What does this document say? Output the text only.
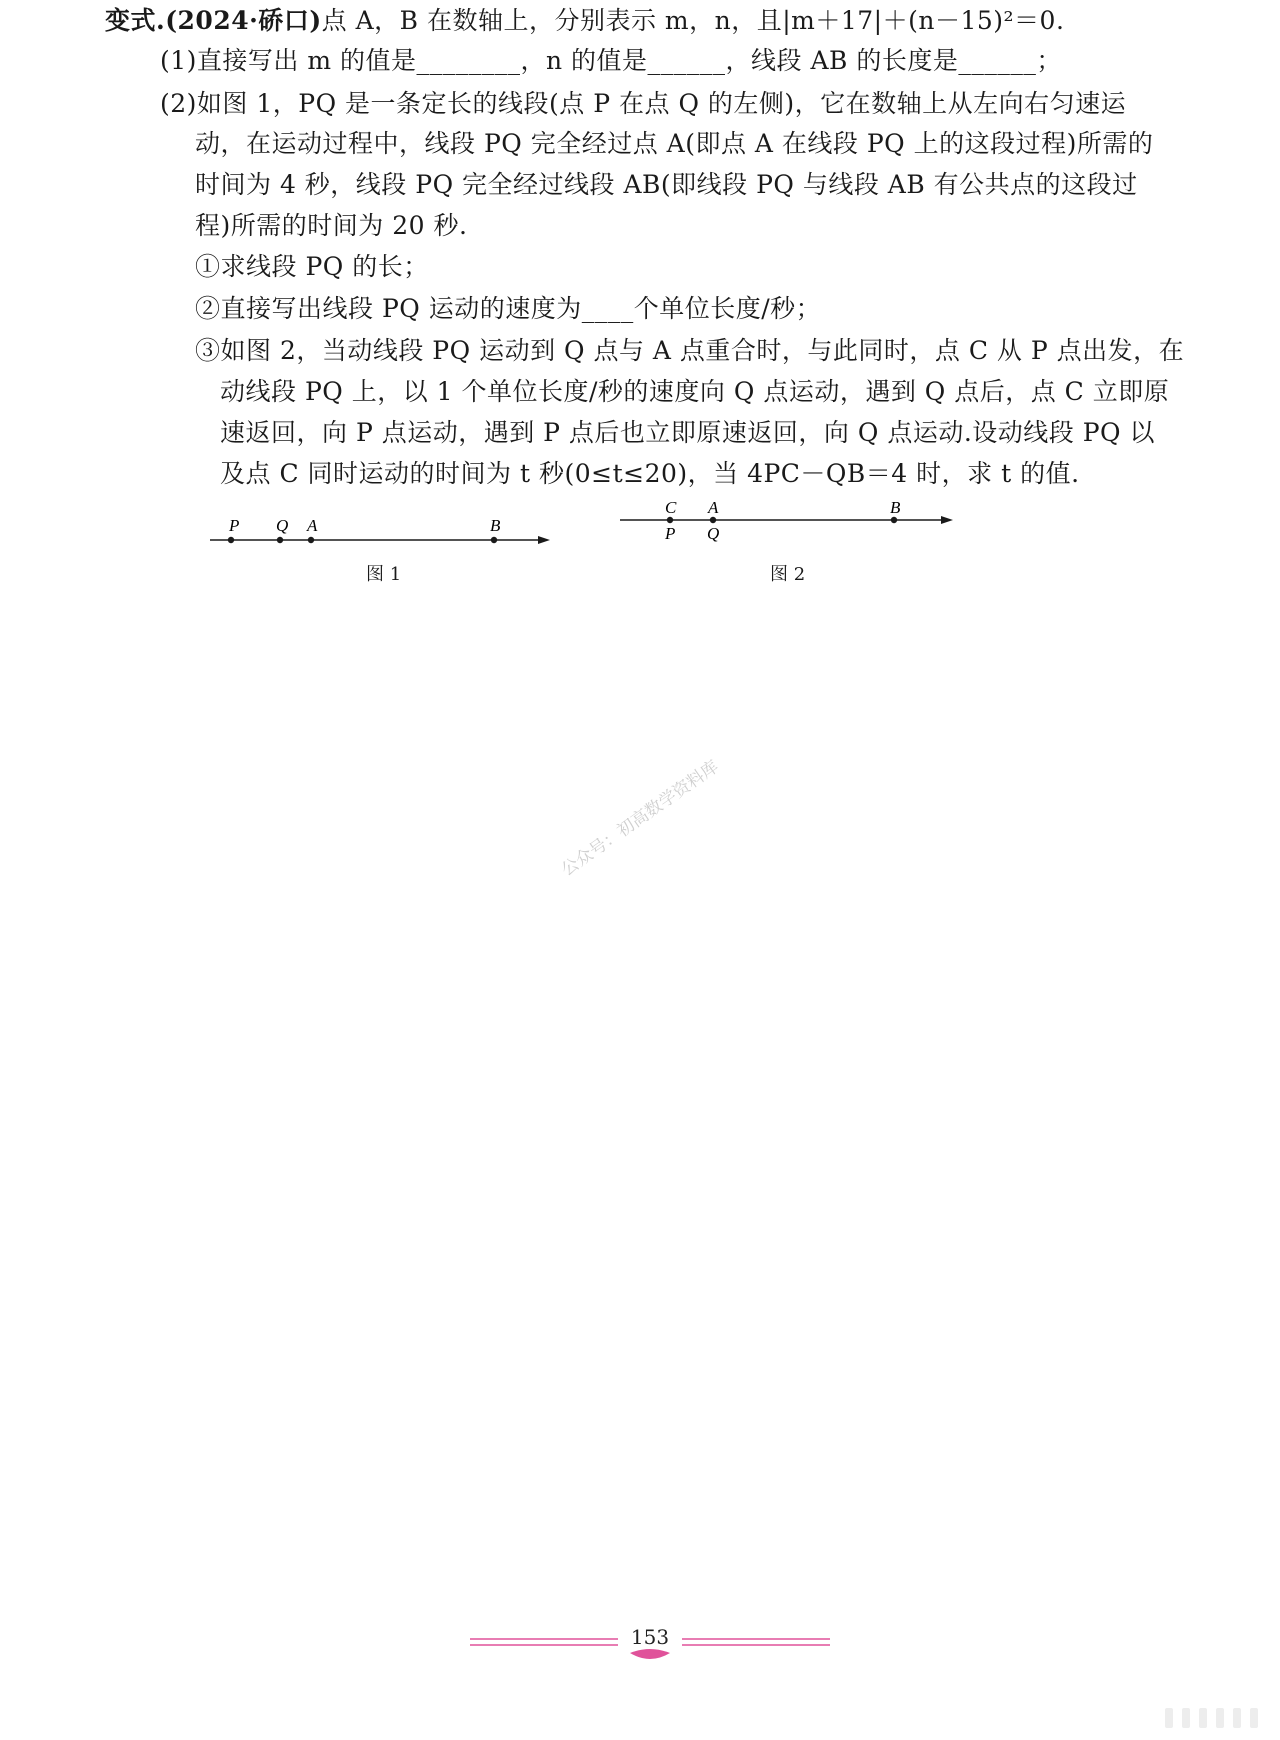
变式.(2024·硚口)点 A，B 在数轴上，分别表示 m，n，且|m＋17|＋(n－15)²＝0.
(1)直接写出 m 的值是________，n 的值是______，线段 AB 的长度是______；
(2)如图 1，PQ 是一条定长的线段(点 P 在点 Q 的左侧)，它在数轴上从左向右匀速运
动，在运动过程中，线段 PQ 完全经过点 A(即点 A 在线段 PQ 上的这段过程)所需的
时间为 4 秒，线段 PQ 完全经过线段 AB(即线段 PQ 与线段 AB 有公共点的这段过
程)所需的时间为 20 秒.
①求线段 PQ 的长；
②直接写出线段 PQ 运动的速度为____个单位长度/秒；
③如图 2，当动线段 PQ 运动到 Q 点与 A 点重合时，与此同时，点 C 从 P 点出发，在
动线段 PQ 上，以 1 个单位长度/秒的速度向 Q 点运动，遇到 Q 点后，点 C 立即原
速返回，向 P 点运动，遇到 P 点后也立即原速返回，向 Q 点运动.设动线段 PQ 以
及点 C 同时运动的时间为 t 秒(0≤t≤20)，当 4PC－QB＝4 时，求 t 的值.
P Q A	B
图 1
C
P
A
Q
B
图 2
公众号：初高数学资料库
153
